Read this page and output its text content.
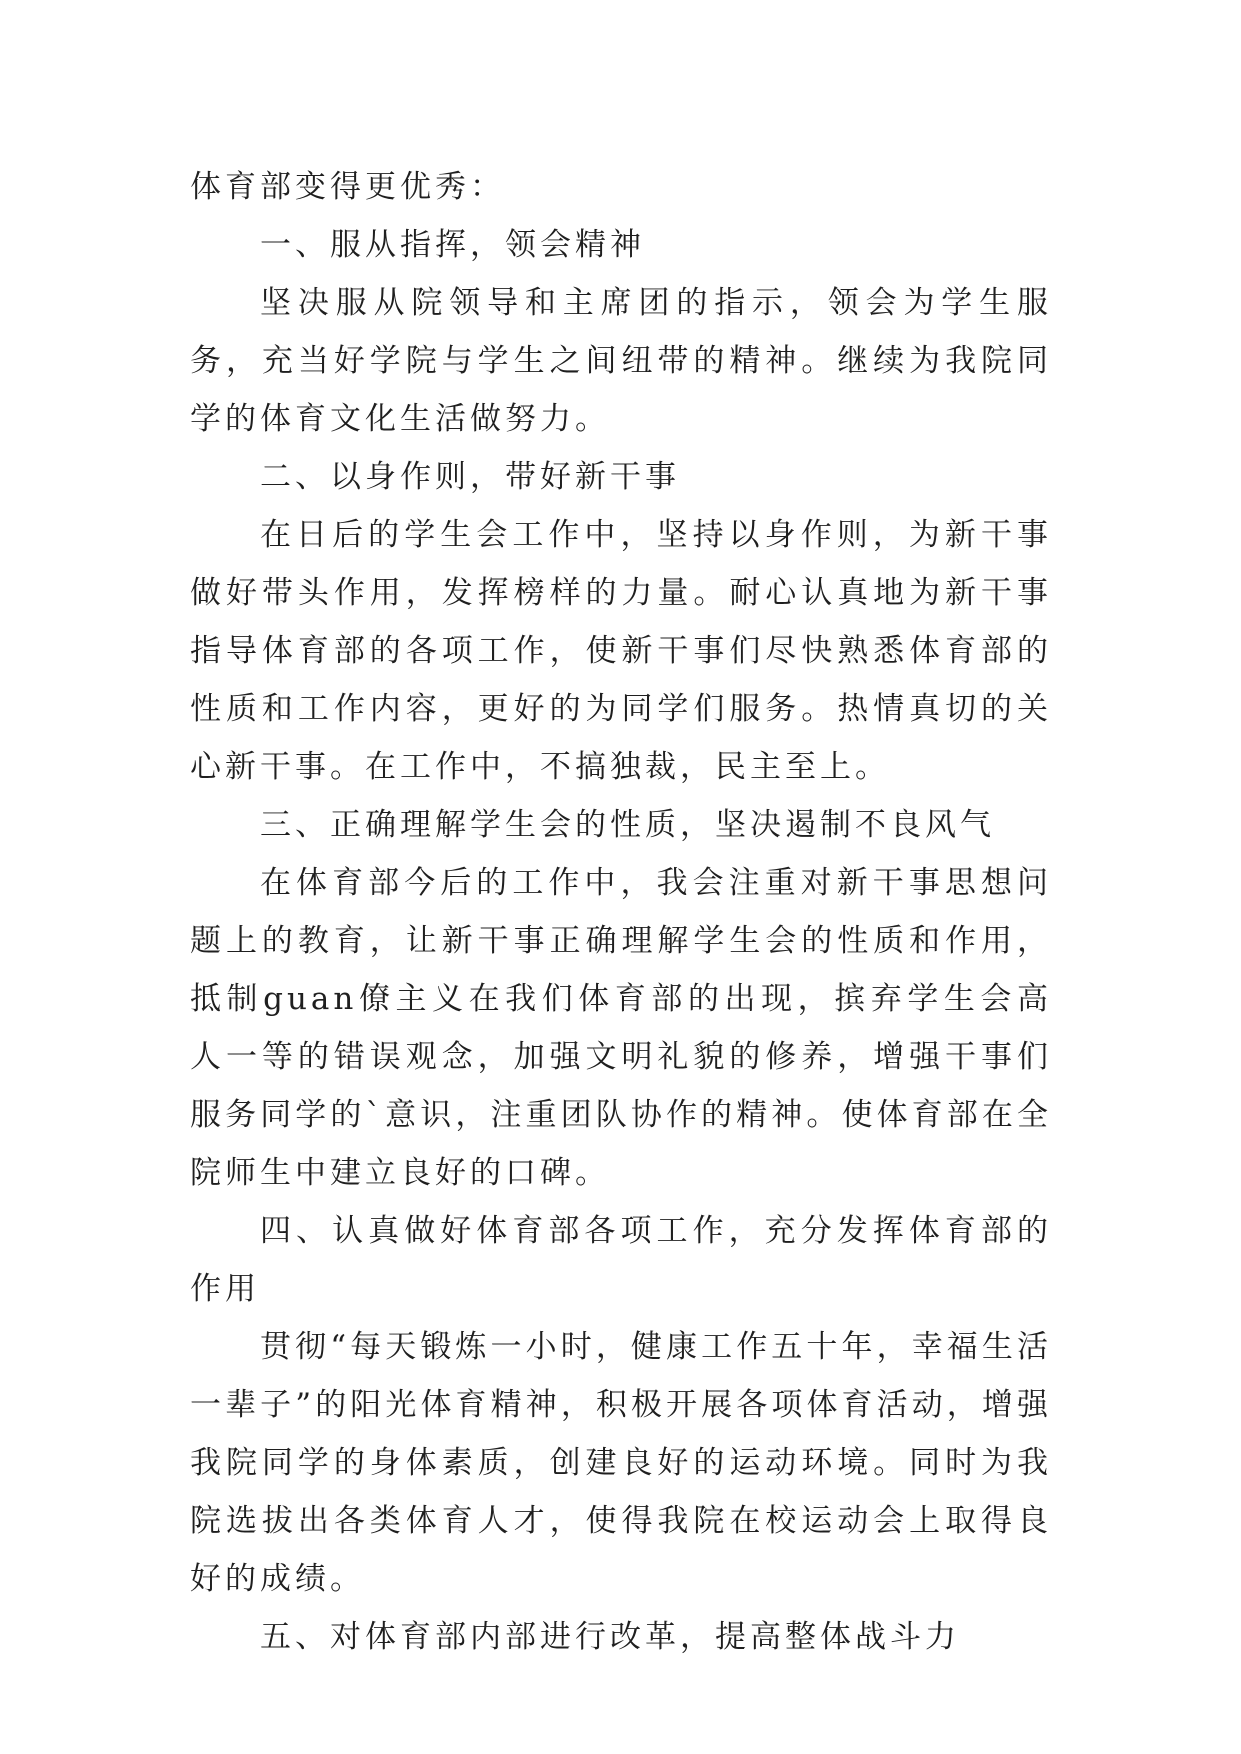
体育部变得更优秀：

一、服从指挥，领会精神

坚决服从院领导和主席团的指示，领会为学生服务，充当好学院与学生之间纽带的精神。继续为我院同学的体育文化生活做努力。

二、以身作则，带好新干事

在日后的学生会工作中，坚持以身作则，为新干事做好带头作用，发挥榜样的力量。耐心认真地为新干事指导体育部的各项工作，使新干事们尽快熟悉体育部的性质和工作内容，更好的为同学们服务。热情真切的关心新干事。在工作中，不搞独裁，民主至上。

三、正确理解学生会的性质，坚决遏制不良风气

在体育部今后的工作中，我会注重对新干事思想问题上的教育，让新干事正确理解学生会的性质和作用，抵制guan僚主义在我们体育部的出现，摈弃学生会高人一等的错误观念，加强文明礼貌的修养，增强干事们服务同学的`意识，注重团队协作的精神。使体育部在全院师生中建立良好的口碑。

四、认真做好体育部各项工作，充分发挥体育部的作用

贯彻“每天锻炼一小时，健康工作五十年，幸福生活一辈子”的阳光体育精神，积极开展各项体育活动，增强我院同学的身体素质，创建良好的运动环境。同时为我院选拔出各类体育人才，使得我院在校运动会上取得良好的成绩。

五、对体育部内部进行改革，提高整体战斗力
